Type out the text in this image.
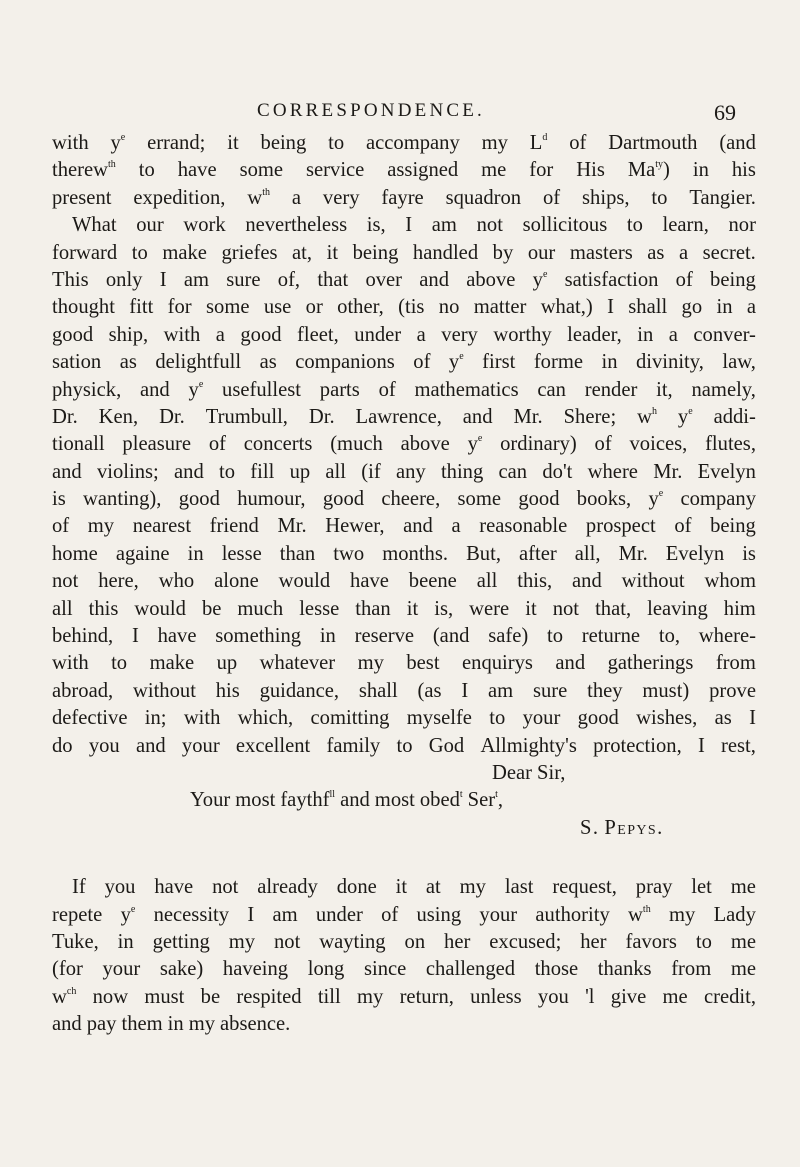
CORRESPONDENCE.	69
with $y^e$ errand; it being to accompany my $L^d$ of Dartmouth (and
therew$^{th}$ to have some service assigned me for His $Ma^{ty}$) in his
present expedition, $w^{th}$ a very fayre squadron of ships, to Tangier.
What our work nevertheless is, I am not sollicitous to learn, nor
forward to make griefes at, it being handled by our masters as a secret.
This only I am sure of, that over and above $y^e$ satisfaction of being
thought fitt for some use or other, (tis no matter what,) I shall go in a
good ship, with a good fleet, under a very worthy leader, in a conver-
sation as delightfull as companions of $y^e$ first forme in divinity, law,
physick, and $y^e$ usefullest parts of mathematics can render it, namely,
Dr. Ken, Dr. Trumbull, Dr. Lawrence, and Mr. Shere; $w^h$ $y^e$ addi-
tionall pleasure of concerts (much above $y^e$ ordinary) of voices, flutes,
and violins; and to fill up all (if any thing can do't where Mr. Evelyn
is wanting), good humour, good cheere, some good books, $y^e$ company
of my nearest friend Mr. Hewer, and a reasonable prospect of being
home againe in lesse than two months. But, after all, Mr. Evelyn is
not here, who alone would have beene all this, and without whom
all this would be much lesse than it is, were it not that, leaving him
behind, I have something in reserve (and safe) to returne to, where-
with to make up whatever my best enquirys and gatherings from
abroad, without his guidance, shall (as I am sure they must) prove
defective in; with which, comitting myselfe to your good wishes, as I
do you and your excellent family to God Allmighty's protection, I rest,
Dear Sir,
Your most faythf$^{ll}$ and most obed$^t$ Ser$^t$,
S. Pepys.
If you have not already done it at my last request, pray let me
repete $y^e$ necessity I am under of using your authority $w^{th}$ my Lady
Tuke, in getting my not wayting on her excused; her favors to me
(for your sake) haveing long since challenged those thanks from me
$w^{ch}$ now must be respited till my return, unless you 'l give me credit,
and pay them in my absence.
